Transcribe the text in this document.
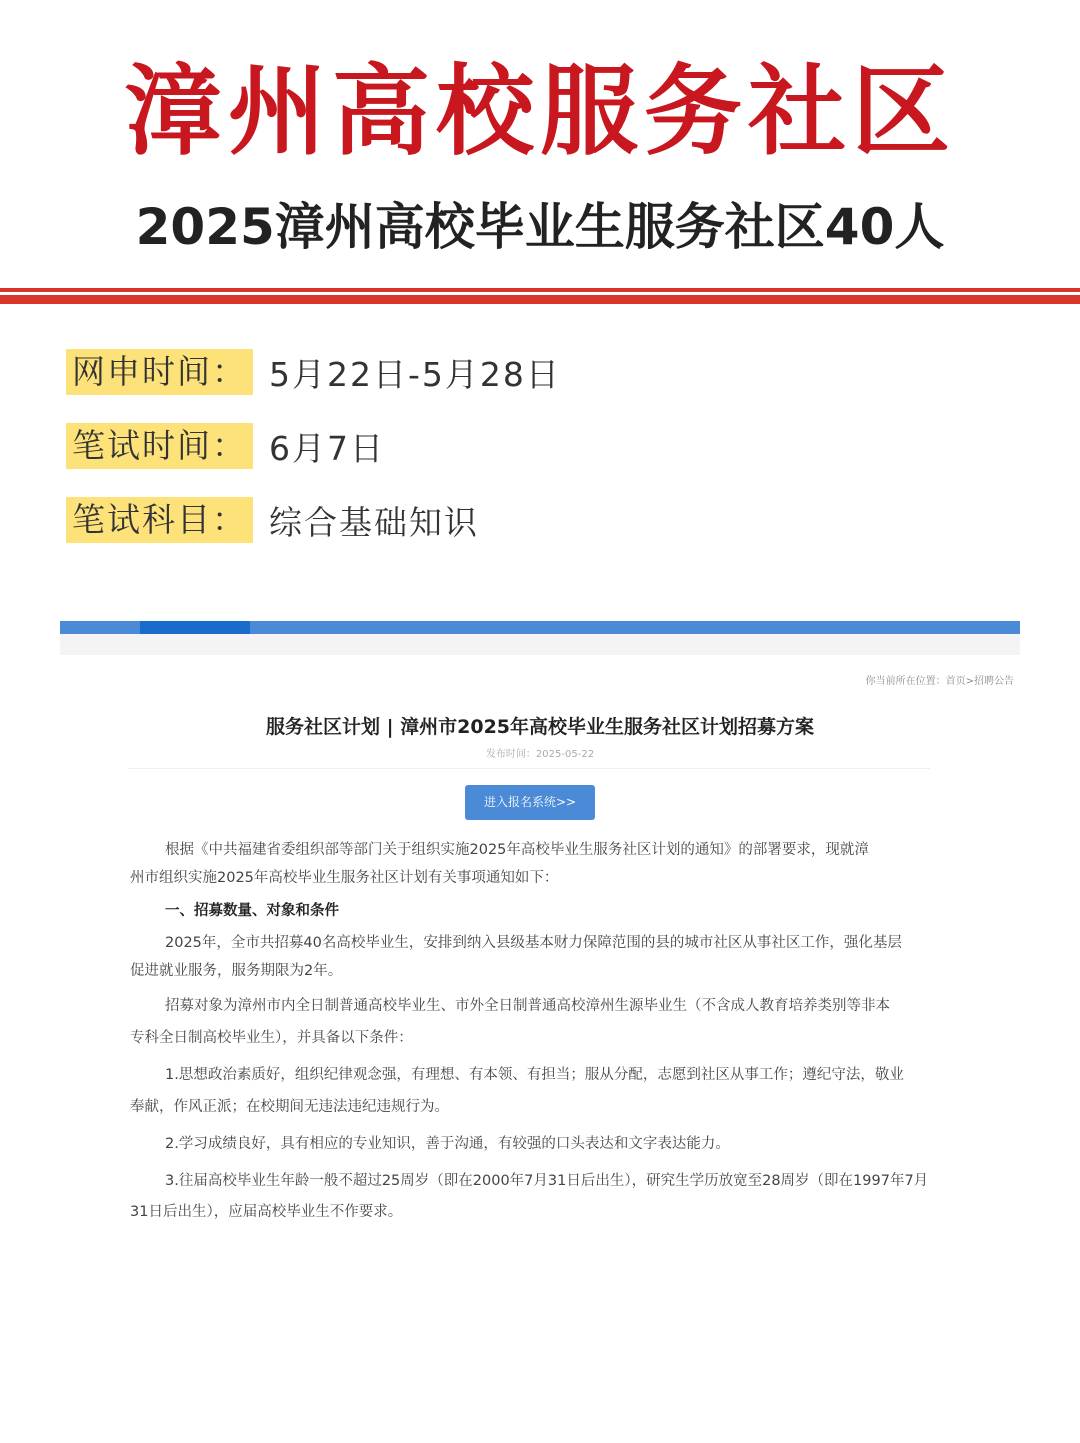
漳州高校服务社区
2025漳州高校毕业生服务社区40人
网申时间： 5月22日-5月28日
笔试时间： 6月7日
笔试科目： 综合基础知识
你当前所在位置：首页>招聘公告
服务社区计划 | 漳州市2025年高校毕业生服务社区计划招募方案
发布时间：2025-05-22
进入报名系统>>
根据《中共福建省委组织部等部门关于组织实施2025年高校毕业生服务社区计划的通知》的部署要求，现就漳
州市组织实施2025年高校毕业生服务社区计划有关事项通知如下：
一、招募数量、对象和条件
2025年，全市共招募40名高校毕业生，安排到纳入县级基本财力保障范围的县的城市社区从事社区工作，强化基层
促进就业服务，服务期限为2年。
招募对象为漳州市内全日制普通高校毕业生、市外全日制普通高校漳州生源毕业生（不含成人教育培养类别等非本
专科全日制高校毕业生），并具备以下条件：
1.思想政治素质好，组织纪律观念强，有理想、有本领、有担当；服从分配，志愿到社区从事工作；遵纪守法，敬业
奉献，作风正派；在校期间无违法违纪违规行为。
2.学习成绩良好，具有相应的专业知识，善于沟通，有较强的口头表达和文字表达能力。
3.往届高校毕业生年龄一般不超过25周岁（即在2000年7月31日后出生），研究生学历放宽至28周岁（即在1997年7月
31日后出生），应届高校毕业生不作要求。
